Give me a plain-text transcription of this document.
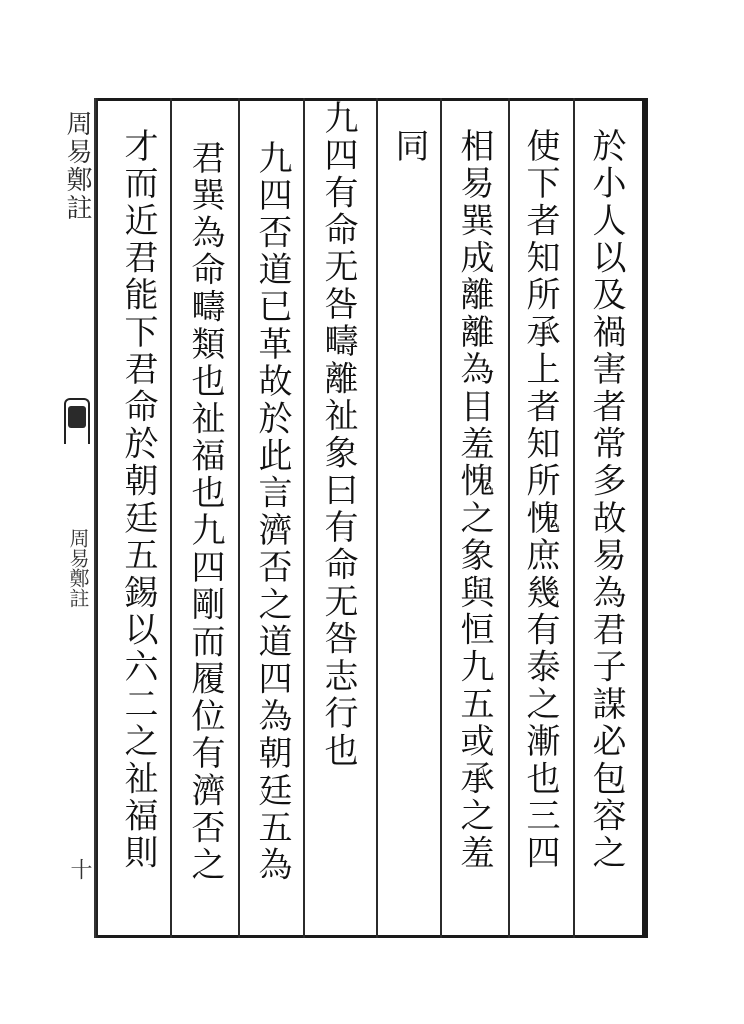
周易鄭註
周易鄭註
十	於小人以及禍害者常多故易為君子謀必包容之
使下者知所承上者知所愧庶幾有泰之漸也三四
相易巽成離離為目羞愧之象與恒九五或承之羞
同
九四有命无咎疇離祉象曰有命无咎志行也
九四否道已革故於此言濟否之道四為朝廷五為
君巽為命疇類也祉福也九四剛而履位有濟否之
才而近君能下君命於朝廷五錫以六二之祉福則
